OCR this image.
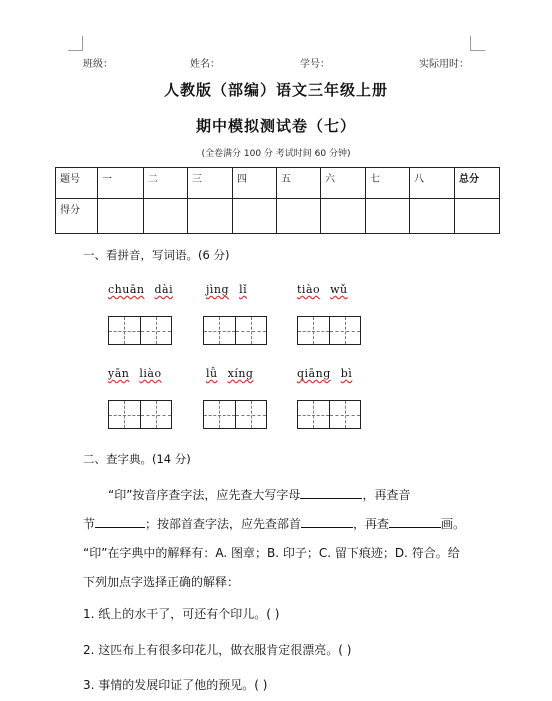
班级：	姓名：	学号：	实际用时：
人教版（部编）语文三年级上册
期中模拟测试卷（七）
(全卷满分 100 分 考试时间 60 分钟)
题号	一	二	三	四	五	六	七	八	总分
得分									
一、看拼音，写词语。(6 分)
chuān dài	jìng lǐ	tiào wǔ
yān liào	lǚ xíng	qiāng bì
二、查字典。(14 分)
“印”按音序查字法，应先查大写字母	，再查音
节	；按部首查字法，应先查部首	，再查	画。
“印”在字典中的解释有：A. 图章；B. 印子；C. 留下痕迹；D. 符合。给
下列加点字选择正确的解释：
1. 纸上的水干了，可还有个印儿。( )
2. 这匹布上有很多印花儿，做衣服肯定很漂亮。( )
3. 事情的发展印证了他的预见。( )
